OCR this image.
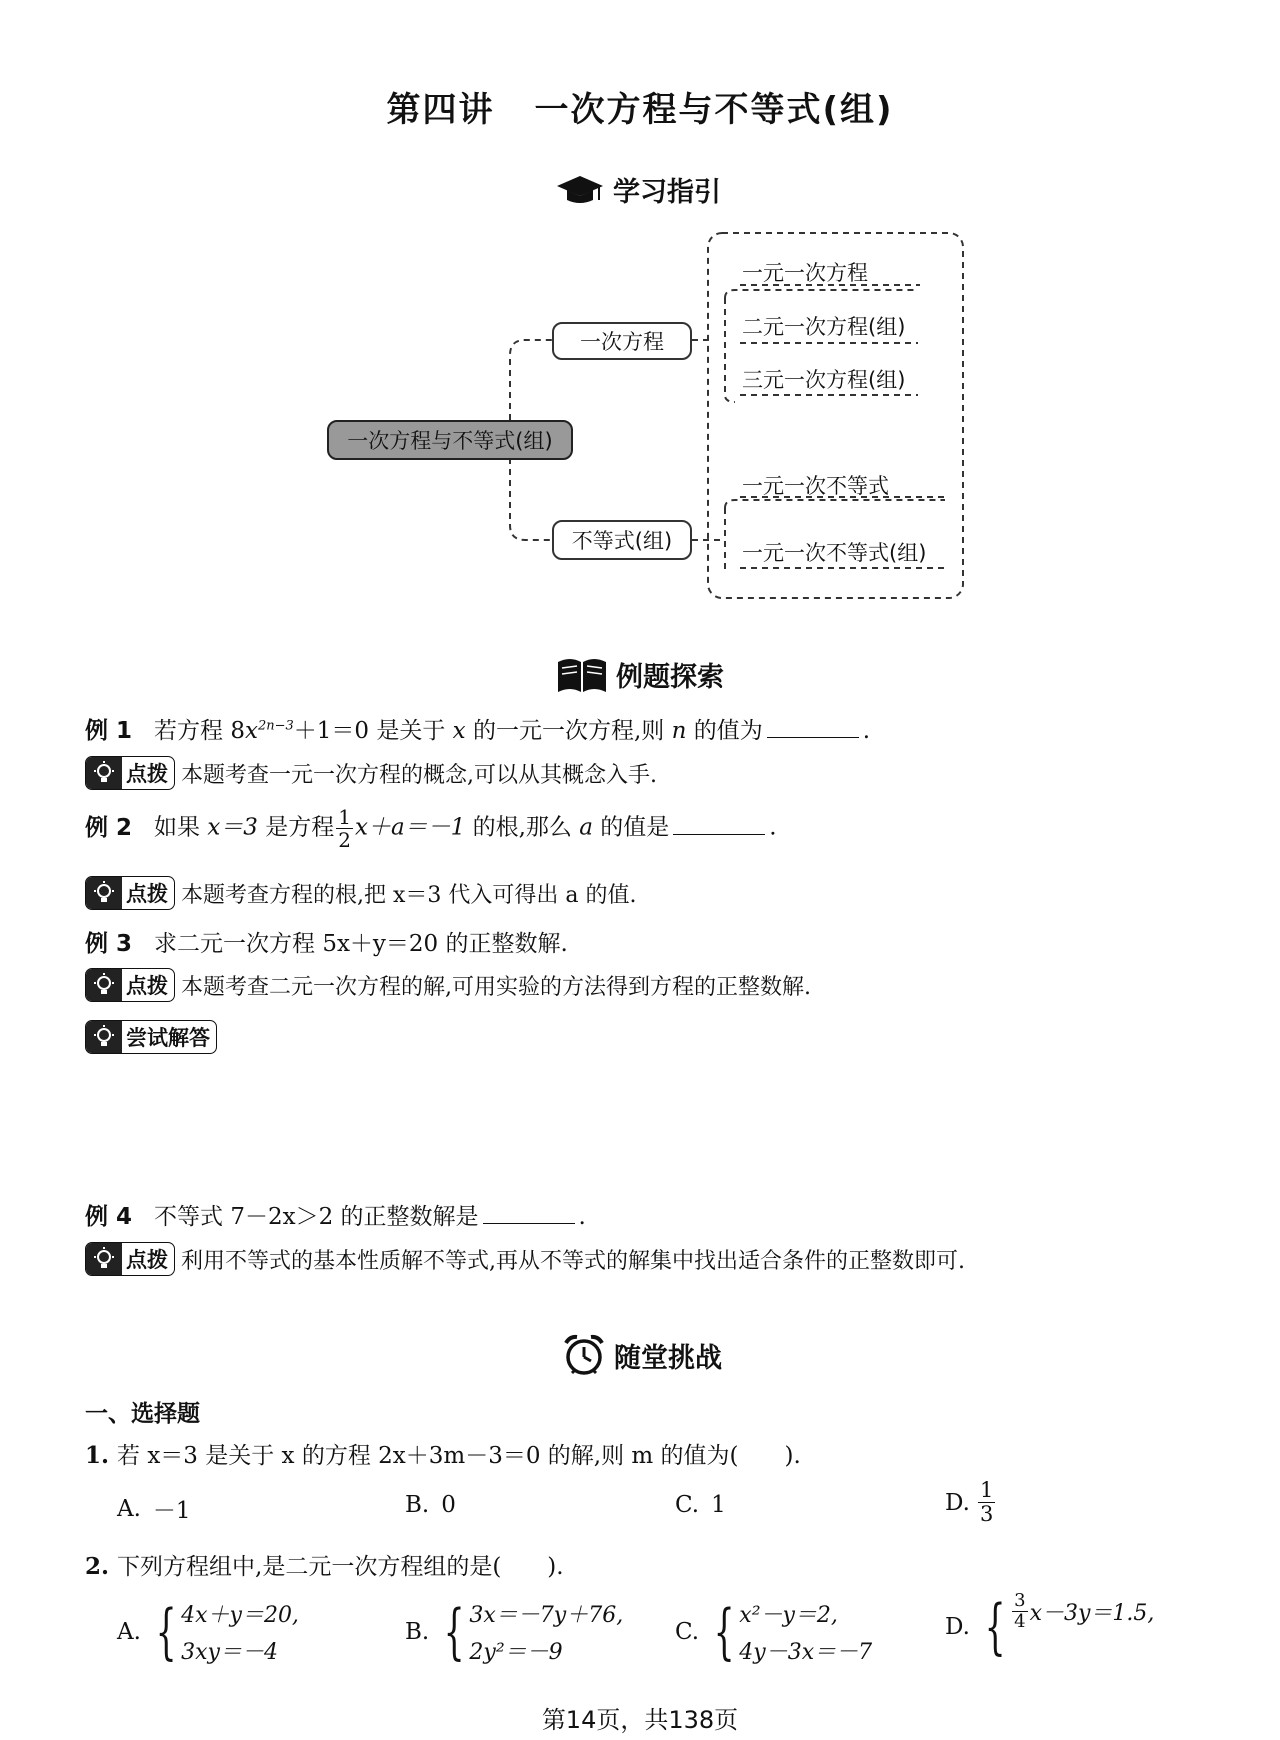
第四讲 一次方程与不等式(组)
学习指引
一次方程与不等式(组)
一次方程
不等式(组)
一元一次方程
二元一次方程(组)
三元一次方程(组)
一元一次不等式
一元一次不等式(组)
例题探索
例 1 若方程 $8x^{2n-3}+1=0$ 是关于 x 的一元一次方程,则 n 的值为	.
点拨 本题考查一元一次方程的概念,可以从其概念入手.
例 2 如果 x＝3 是方程 $\frac{1}{2} x+a=-1$ 的根,那么 a 的值是	.
点拨 本题考查方程的根,把 x＝3 代入可得出 a 的值.
例 3 求二元一次方程 5x＋y＝20 的正整数解.
点拨 本题考查二元一次方程的解,可用实验的方法得到方程的正整数解.
尝试解答
例 4 不等式 7－2x＞2 的正整数解是	.
点拨 利用不等式的基本性质解不等式,再从不等式的解集中找出适合条件的正整数即可.
随堂挑战
一、选择题
1. 若 x＝3 是关于 x 的方程 2x＋3m－3＝0 的解,则 m 的值为(　　).
A. －1	B. 0	C. 1	D. $\frac{1}{3}$
2. 下列方程组中,是二元一次方程组的是(　　).
A. { 4x＋y＝20,
3xy＝－4
B. { 3x＝－7y＋76,
2y²＝－9
C. { x²－y＝2,
4y－3x＝－7
D. { $\frac{3}{4} x-3y=1.5$,

第14页，共138页
